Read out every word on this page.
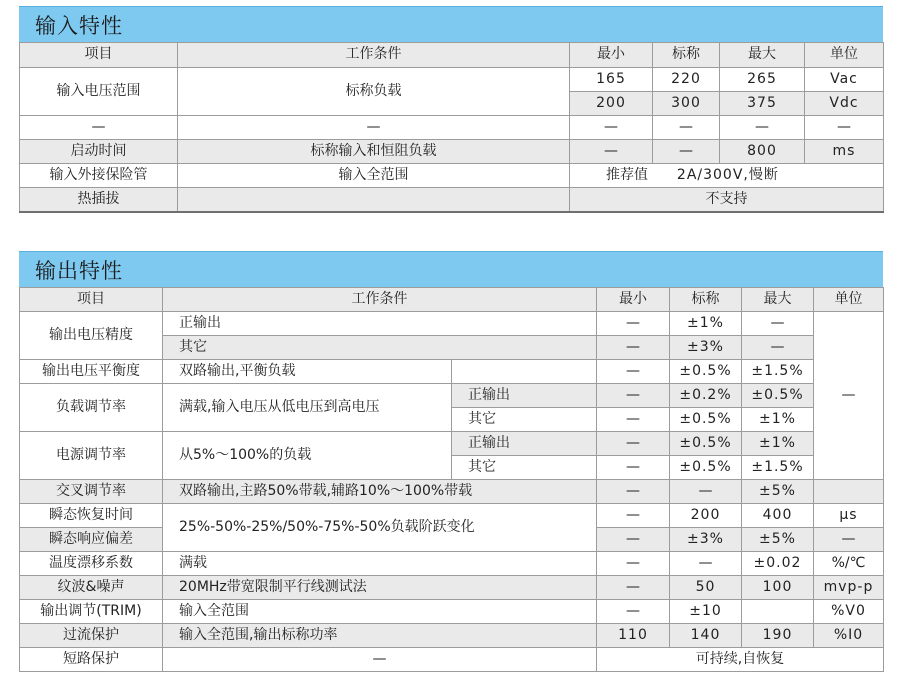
输入特性
项目	工作条件	最小	标称	最大	单位
输入电压范围	标称负载	165	220	265	Vac
		200	300	375	Vdc
—	—	—	—	—	—
启动时间	标称输入和恒阻负载	—	—	800	ms
输入外接保险管	输入全范围	推荐值 2A/300V,慢断			
热插拔		不支持			
输出特性
项目	工作条件		最小	标称	最大	单位
输出电压精度	正输出		—	±1%	—	—
	其它		—	±3%	—	
输出电压平衡度	双路输出,平衡负载		—	±0.5%	±1.5%	
负载调节率	满载,输入电压从低电压到高电压	正输出	—	±0.2%	±0.5%	
		其它	—	±0.5%	±1%	
电源调节率	从5%～100%的负载	正输出	—	±0.5%	±1%	
		其它	—	±0.5%	±1.5%	
交叉调节率	双路输出,主路50%带载,辅路10%～100%带载		—	—	±5%	
瞬态恢复时间	25%-50%-25%/50%-75%-50%负载阶跃变化		—	200	400	μs
瞬态响应偏差			—	±3%	±5%	—
温度漂移系数	满载		—	—	±0.02	%/℃
纹波&噪声	20MHz带宽限制平行线测试法		—	50	100	mvp-p
输出调节(TRIM)	输入全范围		—	±10		%V0
过流保护	输入全范围,输出标称功率		110	140	190	%I0
短路保护	—		可持续,自恢复			
